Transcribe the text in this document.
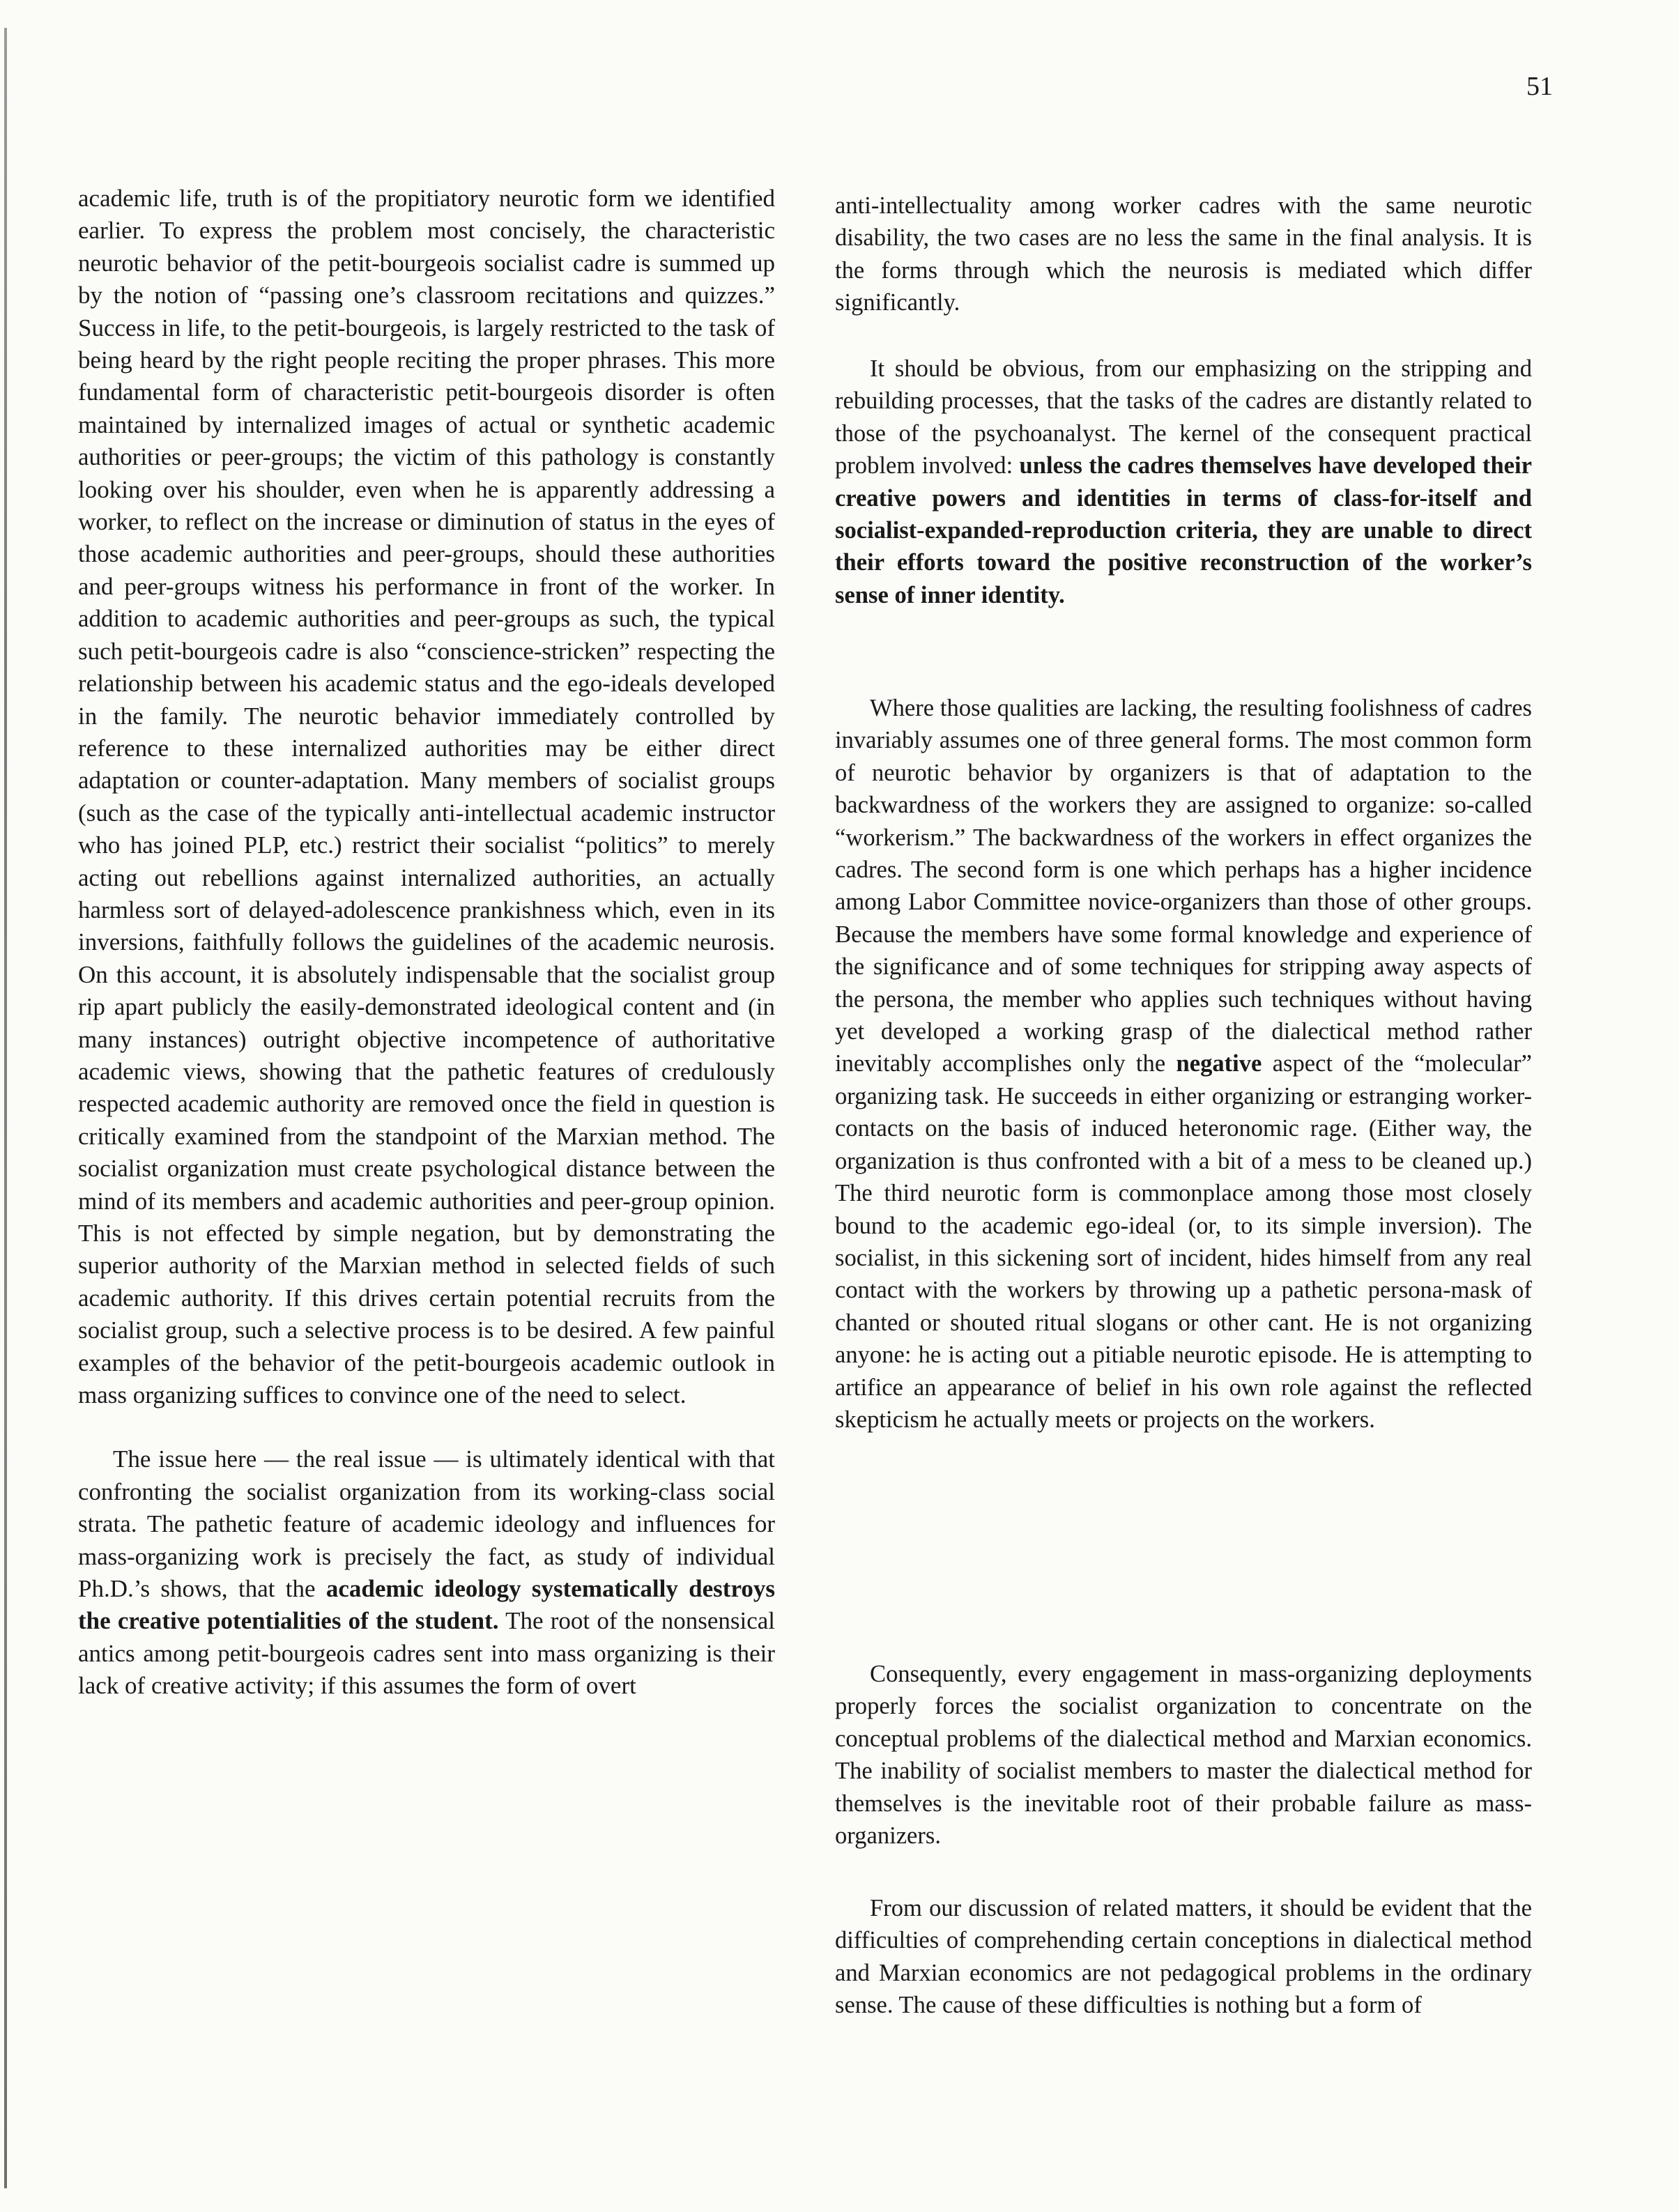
51

academic life, truth is of the propitiatory neurotic form we identified earlier. To express the problem most concisely, the characteristic neurotic behavior of the petit-bourgeois socialist cadre is summed up by the notion of “passing one’s classroom recitations and quizzes.” Success in life, to the petit-bourgeois, is largely restricted to the task of being heard by the right people reciting the proper phrases. This more fundamental form of characteristic petit-bourgeois disorder is often maintained by internalized images of actual or synthetic academic authorities or peer-groups; the victim of this pathology is constantly looking over his shoulder, even when he is apparently addressing a worker, to reflect on the increase or diminution of status in the eyes of those academic authorities and peer-groups, should these authorities and peer-groups witness his performance in front of the worker. In addition to academic authorities and peer-groups as such, the typical such petit-bourgeois cadre is also “conscience-stricken” respecting the relationship between his academic status and the ego-ideals developed in the family. The neurotic behavior immediately controlled by reference to these internalized authorities may be either direct adaptation or counter-adaptation. Many members of socialist groups (such as the case of the typically anti-intellectual academic instructor who has joined PLP, etc.) restrict their socialist “politics” to merely acting out rebellions against internalized authorities, an actually harmless sort of delayed-adolescence prankishness which, even in its inversions, faithfully follows the guidelines of the academic neurosis. On this account, it is absolutely indispensable that the socialist group rip apart publicly the easily-demonstrated ideological content and (in many instances) outright objective incompetence of authoritative academic views, showing that the pathetic features of credulously respected academic authority are removed once the field in question is critically examined from the standpoint of the Marxian method. The socialist organization must create psychological distance between the mind of its members and academic authorities and peer-group opinion. This is not effected by simple negation, but by demonstrating the superior authority of the Marxian method in selected fields of such academic authority. If this drives certain potential recruits from the socialist group, such a selective process is to be desired. A few painful examples of the behavior of the petit-bourgeois academic outlook in mass organizing suffices to convince one of the need to select.

The issue here — the real issue — is ultimately identical with that confronting the socialist organization from its working-class social strata. The pathetic feature of academic ideology and influences for mass-organizing work is precisely the fact, as study of individual Ph.D.’s shows, that the academic ideology systematically destroys the creative potentialities of the student. The root of the nonsensical antics among petit-bourgeois cadres sent into mass organizing is their lack of creative activity; if this assumes the form of overt

anti-intellectuality among worker cadres with the same neurotic disability, the two cases are no less the same in the final analysis. It is the forms through which the neurosis is mediated which differ significantly.

It should be obvious, from our emphasizing on the stripping and rebuilding processes, that the tasks of the cadres are distantly related to those of the psychoanalyst. The kernel of the consequent practical problem involved: unless the cadres themselves have developed their creative powers and identities in terms of class-for-itself and socialist-expanded-reproduction criteria, they are unable to direct their efforts toward the positive reconstruction of the worker’s sense of inner identity.

Where those qualities are lacking, the resulting foolishness of cadres invariably assumes one of three general forms. The most common form of neurotic behavior by organizers is that of adaptation to the backwardness of the workers they are assigned to organize: so-called “workerism.” The backwardness of the workers in effect organizes the cadres. The second form is one which perhaps has a higher incidence among Labor Committee novice-organizers than those of other groups. Because the members have some formal knowledge and experience of the significance and of some techniques for stripping away aspects of the persona, the member who applies such techniques without having yet developed a working grasp of the dialectical method rather inevitably accomplishes only the negative aspect of the “molecular” organizing task. He succeeds in either organizing or estranging worker-contacts on the basis of induced heteronomic rage. (Either way, the organization is thus confronted with a bit of a mess to be cleaned up.) The third neurotic form is commonplace among those most closely bound to the academic ego-ideal (or, to its simple inversion). The socialist, in this sickening sort of incident, hides himself from any real contact with the workers by throwing up a pathetic persona-mask of chanted or shouted ritual slogans or other cant. He is not organizing anyone: he is acting out a pitiable neurotic episode. He is attempting to artifice an appearance of belief in his own role against the reflected skepticism he actually meets or projects on the workers.

Consequently, every engagement in mass-organizing deployments properly forces the socialist organization to concentrate on the conceptual problems of the dialectical method and Marxian economics. The inability of socialist members to master the dialectical method for themselves is the inevitable root of their probable failure as mass-organizers.

From our discussion of related matters, it should be evident that the difficulties of comprehending certain conceptions in dialectical method and Marxian economics are not pedagogical problems in the ordinary sense. The cause of these difficulties is nothing but a form of
